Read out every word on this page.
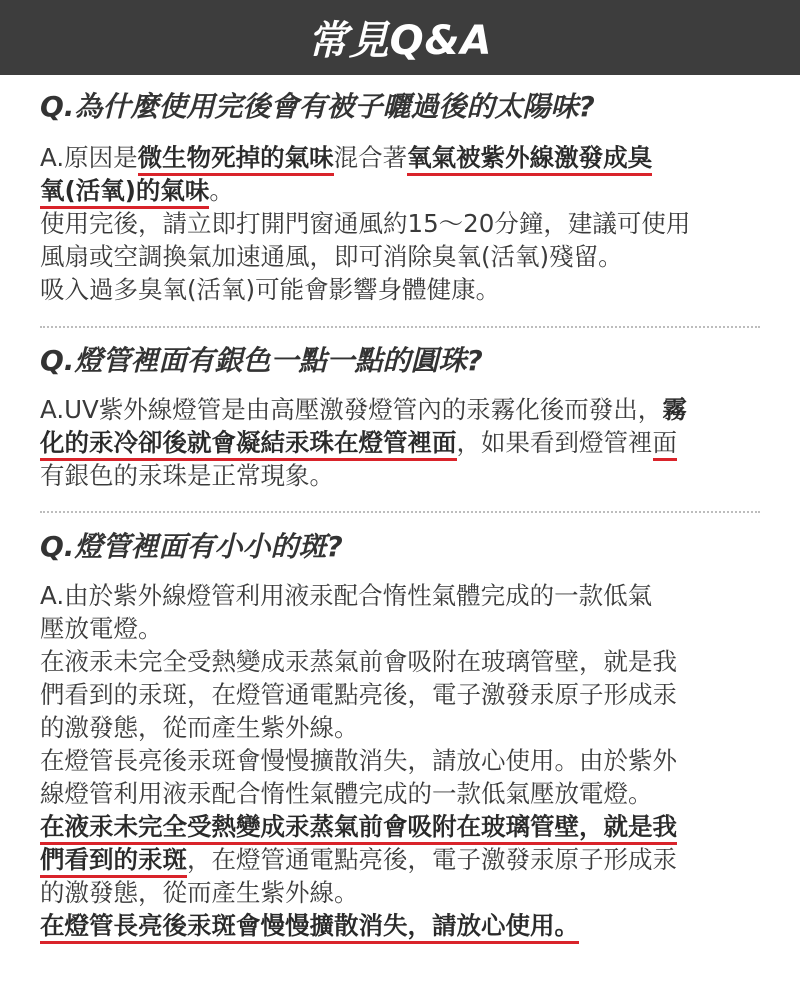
常見Q&A
Q.為什麼使用完後會有被子曬過後的太陽味?
A.原因是微生物死掉的氣味混合著氧氣被紫外線激發成臭
氧(活氧)的氣味。
使用完後，請立即打開門窗通風約15～20分鐘，建議可使用
風扇或空調換氣加速通風，即可消除臭氧(活氧)殘留。
吸入過多臭氧(活氧)可能會影響身體健康。
Q.燈管裡面有銀色一點一點的圓珠?
A.UV紫外線燈管是由高壓激發燈管內的汞霧化後而發出，霧
化的汞冷卻後就會凝結汞珠在燈管裡面，如果看到燈管裡面
有銀色的汞珠是正常現象。
Q.燈管裡面有小小的斑?
A.由於紫外線燈管利用液汞配合惰性氣體完成的一款低氣
壓放電燈。
在液汞未完全受熱變成汞蒸氣前會吸附在玻璃管壁，就是我
們看到的汞斑，在燈管通電點亮後，電子激發汞原子形成汞
的激發態，從而產生紫外線。
在燈管長亮後汞斑會慢慢擴散消失，請放心使用。由於紫外
線燈管利用液汞配合惰性氣體完成的一款低氣壓放電燈。
在液汞未完全受熱變成汞蒸氣前會吸附在玻璃管壁，就是我
們看到的汞斑，在燈管通電點亮後，電子激發汞原子形成汞
的激發態，從而產生紫外線。
在燈管長亮後汞斑會慢慢擴散消失，請放心使用。
